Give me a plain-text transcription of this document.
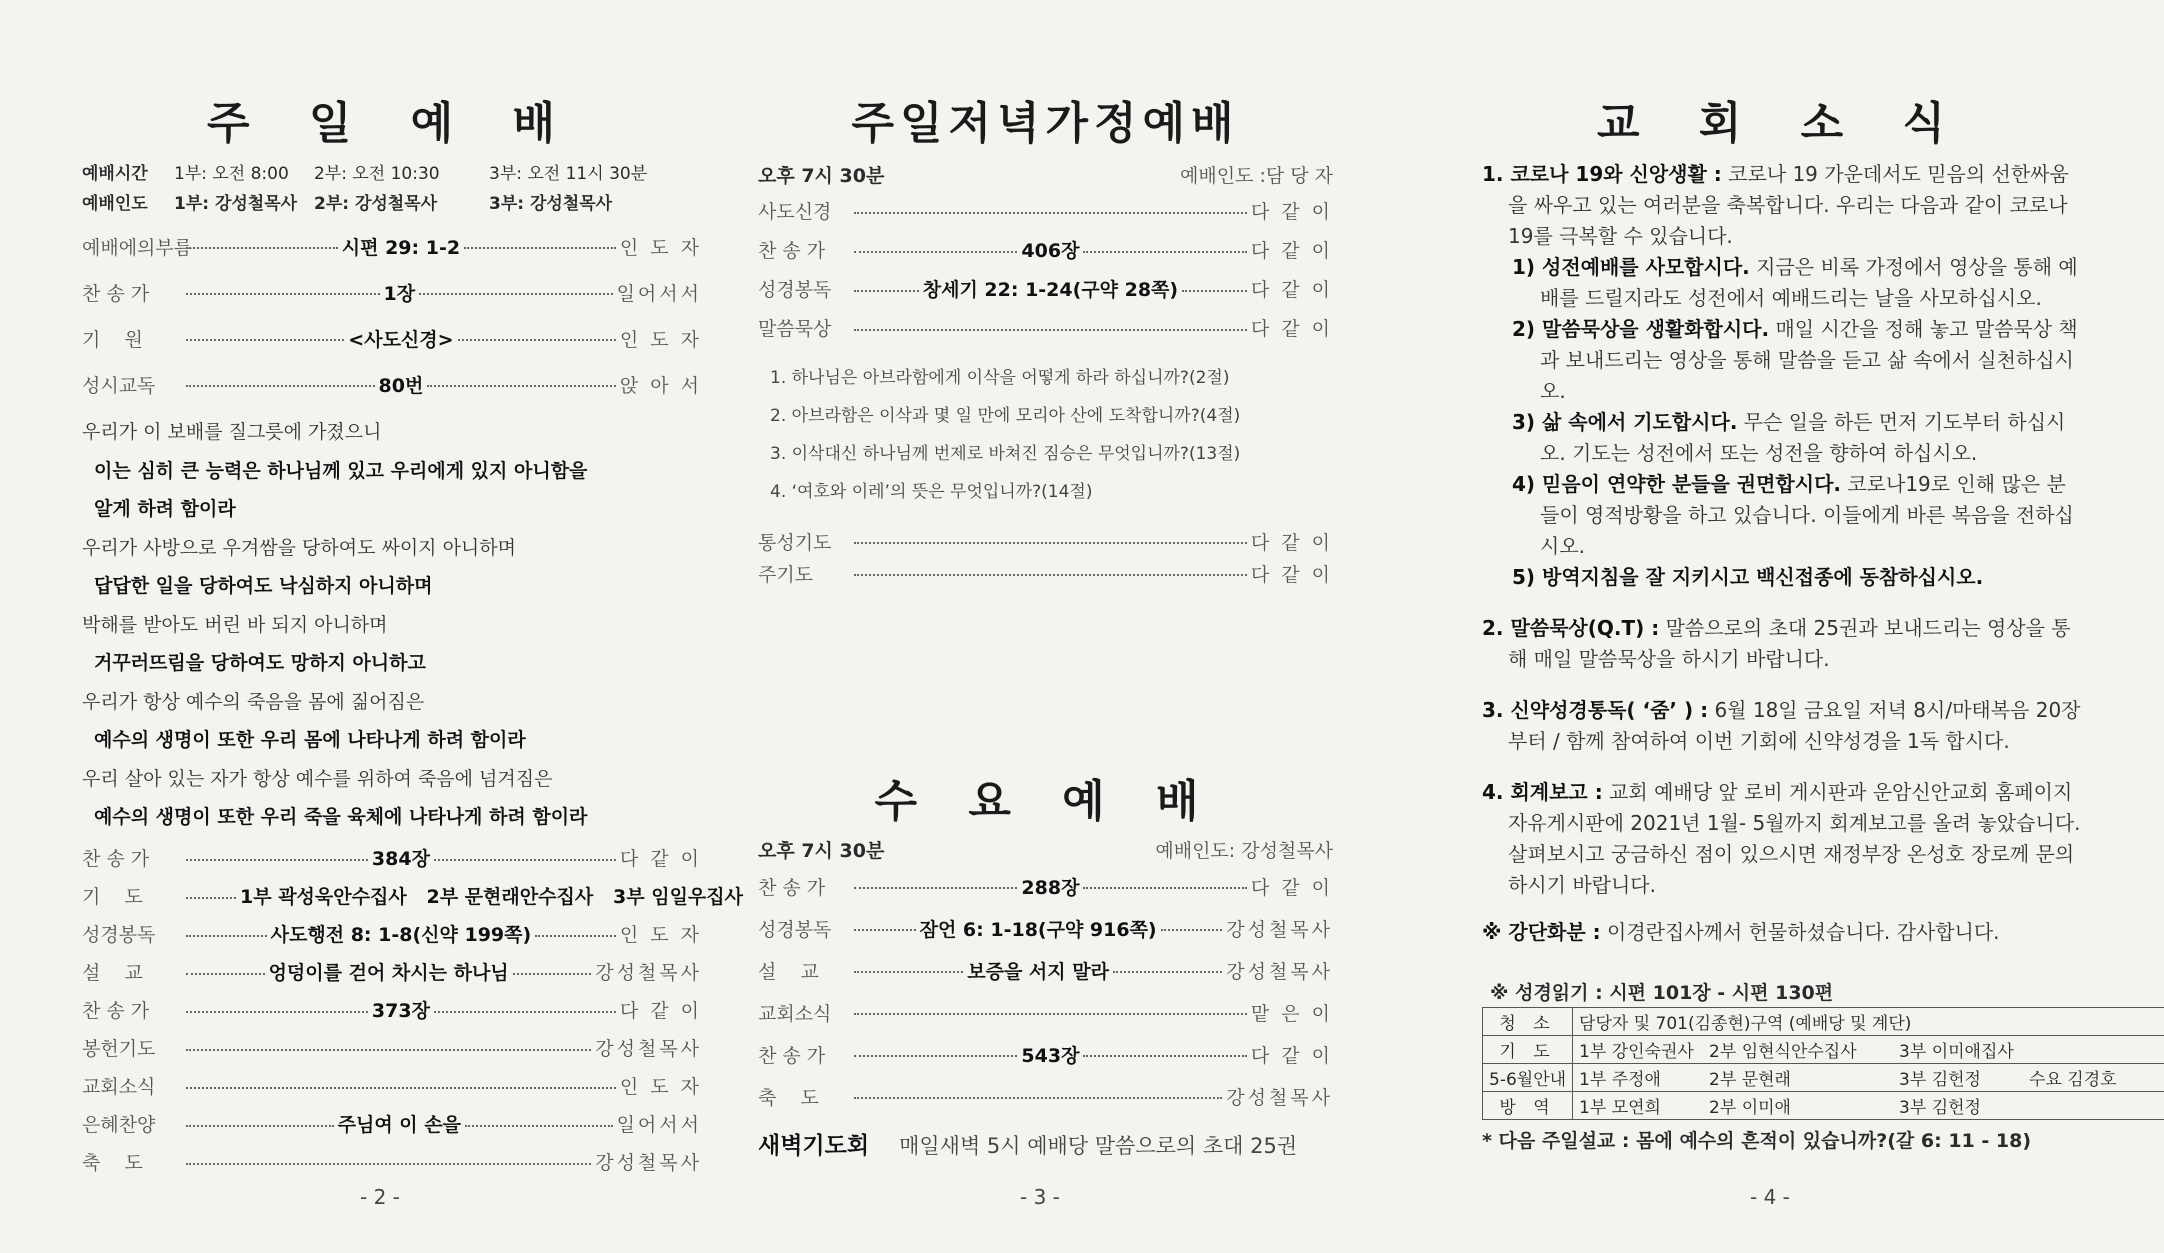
주 일 예 배
예배시간	1부: 오전 8:00	2부: 오전 10:30	3부: 오전 11시 30분
예배인도	1부: 강성철목사 2부: 강성철목사	3부: 강성철목사
예배에의부름	시편 29: 1-2	인 도 자
찬 송 가	1장	일어서서
기    원	<사도신경>	인 도 자
성시교독	80번	앉 아 서
우리가 이 보배를 질그릇에 가졌으니
이는 심히 큰 능력은 하나님께 있고 우리에게 있지 아니함을
알게 하려 함이라
우리가 사방으로 우겨쌈을 당하여도 싸이지 아니하며
답답한 일을 당하여도 낙심하지 아니하며
박해를 받아도 버린 바 되지 아니하며
거꾸러뜨림을 당하여도 망하지 아니하고
우리가 항상 예수의 죽음을 몸에 짊어짐은
예수의 생명이 또한 우리 몸에 나타나게 하려 함이라
우리 살아 있는 자가 항상 예수를 위하여 죽음에 넘겨짐은
예수의 생명이 또한 우리 죽을 육체에 나타나게 하려 함이라
찬 송 가	384장	다 같 이
기    도	1부 곽성욱안수집사   2부 문현래안수집사   3부 임일우집사
성경봉독	사도행전 8: 1-8(신약 199쪽)	인 도 자
설    교	엉덩이를 걷어 차시는 하나님	강성철목사
찬 송 가	373장	다 같 이
봉헌기도	강성철목사
교회소식	인 도 자
은혜찬양	주님여 이 손을	일어서서
축    도	강성철목사
- 2 -
주일저녁가정예배
오후 7시 30분	예배인도 :담 당 자
사도신경	다 같 이
찬 송 가	406장	다 같 이
성경봉독	창세기 22: 1-24(구약 28쪽)	다 같 이
말씀묵상	다 같 이
1. 하나님은 아브라함에게 이삭을 어떻게 하라 하십니까?(2절)
2. 아브라함은 이삭과 몇 일 만에 모리아 산에 도착합니까?(4절)
3. 이삭대신 하나님께 번제로 바쳐진 짐승은 무엇입니까?(13절)
4. ‘여호와 이레’의 뜻은 무엇입니까?(14절)
통성기도	다 같 이
주기도	다 같 이
수 요 예 배
오후 7시 30분	예배인도: 강성철목사
찬 송 가	288장	다 같 이
성경봉독	잠언 6: 1-18(구약 916쪽)	강성철목사
설    교	보증을 서지 말라	강성철목사
교회소식	맡 은 이
찬 송 가	543장	다 같 이
축    도	강성철목사
새벽기도회 매일새벽 5시 예배당 말씀으로의 초대 25권
- 3 -
교 회 소 식

1. 코로나 19와 신앙생활 : 코로나 19 가운데서도 믿음의 선한싸움을 싸우고 있는 여러분을 축복합니다. 우리는 다음과 같이 코로나 19를 극복할 수 있습니다.

1) 성전예배를 사모합시다. 지금은 비록 가정에서 영상을 통해 예배를 드릴지라도 성전에서 예배드리는 날을 사모하십시오.

2) 말씀묵상을 생활화합시다. 매일 시간을 정해 놓고 말씀묵상 책과 보내드리는 영상을 통해 말씀을 듣고 삶 속에서 실천하십시오.

3) 삶 속에서 기도합시다. 무슨 일을 하든 먼저 기도부터 하십시오. 기도는 성전에서 또는 성전을 향하여 하십시오.

4) 믿음이 연약한 분들을 권면합시다. 코로나19로 인해 많은 분들이 영적방황을 하고 있습니다. 이들에게 바른 복음을 전하십시오.

5) 방역지침을 잘 지키시고 백신접종에 동참하십시오.

2. 말씀묵상(Q.T) : 말씀으로의 초대 25권과 보내드리는 영상을 통해 매일 말씀묵상을 하시기 바랍니다.
3. 신약성경통독( ‘줌’ ) : 6월 18일 금요일 저녁 8시/마태복음 20장부터 / 함께 참여하여 이번 기회에 신약성경을 1독 합시다.
4. 회계보고 : 교회 예배당 앞 로비 게시판과 운암신안교회 홈페이지 자유게시판에 2021년 1월- 5월까지 회계보고를 올려 놓았습니다. 살펴보시고 궁금하신 점이 있으시면 재정부장 온성호 장로께 문의하시기 바랍니다.
※ 강단화분 : 이경란집사께서 헌물하셨습니다. 감사합니다.
※ 성경읽기 : 시편 101장 - 시편 130편
청 소	담당자 및 701(김종현)구역 (예배당 및 계단)
기 도	1부 강인숙권사 2부 임현식안수집사 3부 이미애집사
5-6월안내	1부 주정애 2부 문현래 3부 김헌정 수요 김경호
방 역	1부 모연희 2부 이미애 3부 김헌정
* 다음 주일설교 : 몸에 예수의 흔적이 있습니까?(갈 6: 11 - 18)
- 4 -
